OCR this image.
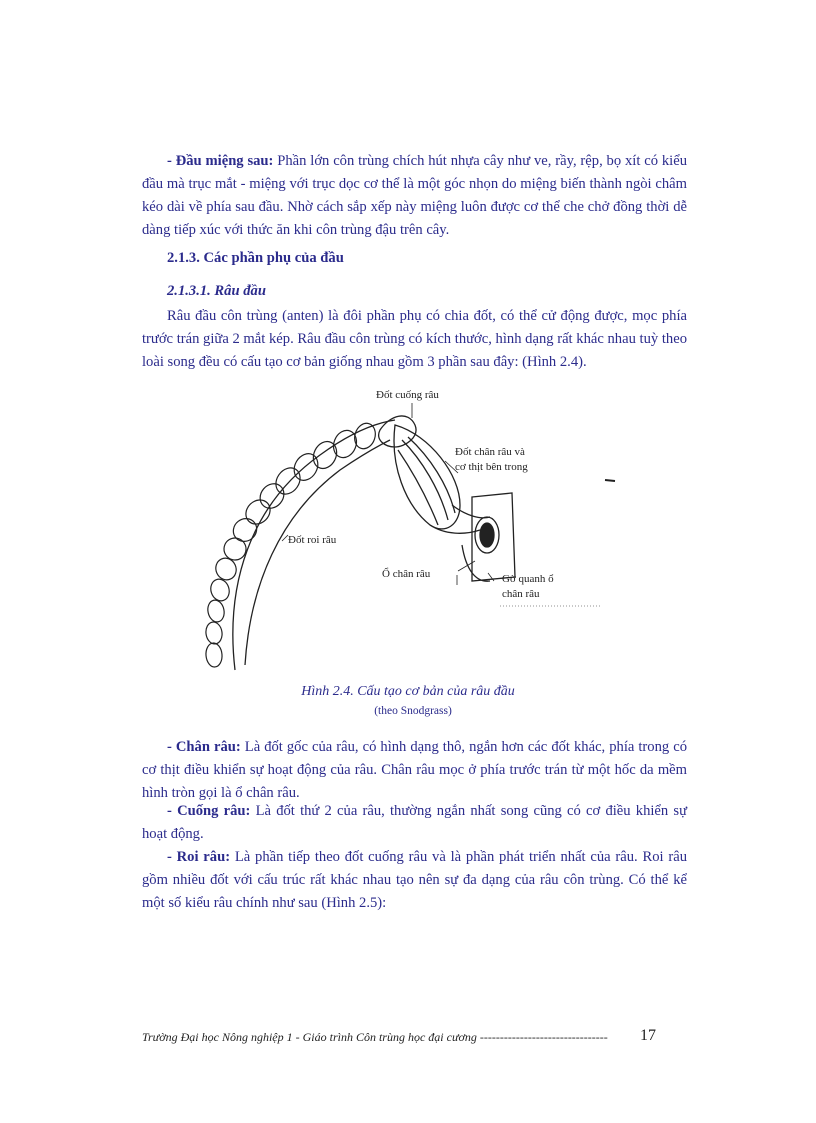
- Đầu miệng sau: Phần lớn côn trùng chích hút nhựa cây như ve, rầy, rệp, bọ xít có kiểu đầu mà trục mắt - miệng với trục dọc cơ thể là một góc nhọn do miệng biến thành ngòi châm kéo dài về phía sau đầu. Nhờ cách sắp xếp này miệng luôn được cơ thể che chở đồng thời dễ dàng tiếp xúc với thức ăn khi côn trùng đậu trên cây.

2.1.3. Các phần phụ của đầu
2.1.3.1. Râu đầu

Râu đầu côn trùng (anten) là đôi phần phụ có chia đốt, có thể cử động được, mọc phía trước trán giữa 2 mắt kép. Râu đầu côn trùng có kích thước, hình dạng rất khác nhau tuỳ theo loài song đều có cấu tạo cơ bản giống nhau gồm 3 phần sau đây: (Hình 2.4).

Đốt cuống râu
Đốt chân râu và
cơ thịt bên trong
Đốt roi râu
Ổ chân râu	Gờ quanh ổ
chân râu
Hình 2.4. Cấu tạo cơ bản của râu đầu
(theo Snodgrass)

- Chân râu: Là đốt gốc của râu, có hình dạng thô, ngắn hơn các đốt khác, phía trong có cơ thịt điều khiển sự hoạt động của râu. Chân râu mọc ở phía trước trán từ một hốc da mềm hình tròn gọi là ổ chân râu.

- Cuống râu: Là đốt thứ 2 của râu, thường ngắn nhất song cũng có cơ điều khiển sự hoạt động.

- Roi râu: Là phần tiếp theo đốt cuống râu và là phần phát triển nhất của râu. Roi râu gồm nhiều đốt với cấu trúc rất khác nhau tạo nên sự đa dạng của râu côn trùng. Có thể kể một số kiểu râu chính như sau (Hình 2.5):

Trường Đại học Nông nghiệp 1 - Giáo trình Côn trùng học đại cương --------------------------------	17
